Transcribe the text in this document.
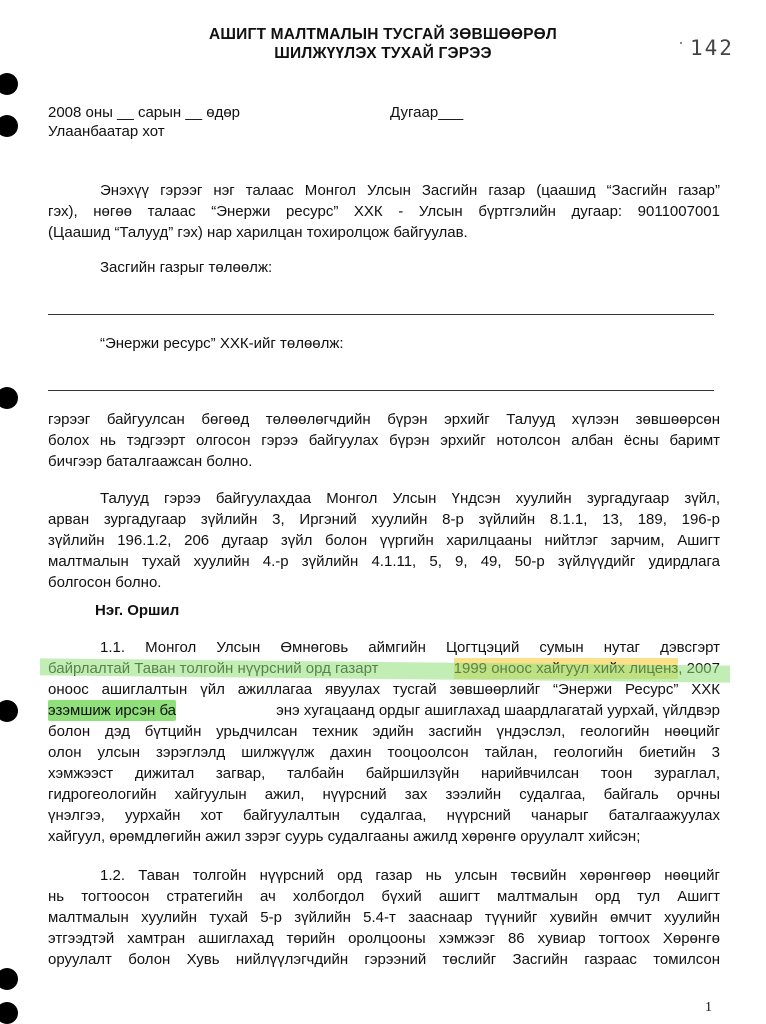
АШИГТ МАЛТМАЛЫН ТУСГАЙ ЗӨВШӨӨРӨЛ
ШИЛЖҮҮЛЭХ ТУХАЙ ГЭРЭЭ	142
2008 оны __ сарын __ өдөр	Дугаар___
Улаанбаатар хот
Энэхүү гэрээг нэг талаас Монгол Улсын Засгийн газар (цаашид “Засгийн газар”
гэх), нөгөө талаас “Энержи ресурс” ХХК - Улсын бүртгэлийн дугаар: 9011007001
(Цаашид “Талууд” гэх) нар харилцан тохиролцож байгуулав.
Засгийн газрыг төлөөлж:
“Энержи ресурс” ХХК-ийг төлөөлж:
гэрээг байгуулсан бөгөөд төлөөлөгчдийн бүрэн эрхийг Талууд хүлээн зөвшөөрсөн
болох нь тэдгээрт олгосон гэрээ байгуулах бүрэн эрхийг нотолсон албан ёсны баримт
бичгээр баталгаажсан болно.
Талууд гэрээ байгуулахдаа Монгол Улсын Үндсэн хуулийн зургадугаар зүйл,
арван зургадугаар зүйлийн 3, Иргэний хуулийн 8-р зүйлийн 8.1.1, 13, 189, 196-р
зүйлийн 196.1.2, 206 дугаар зүйл болон үүргийн харилцааны нийтлэг зарчим, Ашигт
малтмалын тухай хуулийн 4.-р зүйлийн 4.1.11, 5, 9, 49, 50-р зүйлүүдийг удирдлага
болгосон болно.
Нэг. Оршил
1.1. Монгол Улсын Өмнөговь аймгийн Цогтцэций сумын нутаг дэвсгэрт
оноос ашиглалтын үйл ажиллагаа явуулах тусгай зөвшөөрлийг “Энержи Ресурс” ХХК
эзэмшиж ирсэн ба	энэ хугацаанд ордыг ашиглахад шаардлагатай уурхай, үйлдвэр
болон дэд бүтцийн урьдчилсан техник эдийн засгийн үндэслэл, геологийн нөөцийг
олон улсын зэрэглэлд шилжүүлж дахин тооцоолсон тайлан, геологийн биетийн 3
хэмжээст дижитал загвар, талбайн байршилзүйн нарийвчилсан тоон зураглал,
гидрогеологийн хайгуулын ажил, нүүрсний зах зээлийн судалгаа, байгаль орчны
үнэлгээ, уурхайн хот байгуулалтын судалгаа, нүүрсний чанарыг баталгаажуулах
хайгуул, өрөмдлөгийн ажил зэрэг суурь судалгааны ажилд хөрөнгө оруулалт хийсэн;
1.2. Таван толгойн нүүрсний орд газар нь улсын төсвийн хөрөнгөөр нөөцийг
нь тогтоосон стратегийн ач холбогдол бүхий ашигт малтмалын орд тул Ашигт
малтмалын хуулийн тухай 5-р зүйлийн 5.4-т зааснаар түүнийг хувийн өмчит хуулийн
этгээдтэй хамтран ашиглахад төрийн оролцооны хэмжээг 86 хувиар тогтоох Хөрөнгө
оруулалт болон Хувь нийлүүлэгчдийн гэрээний төслийг Засгийн газраас томилсон
1
